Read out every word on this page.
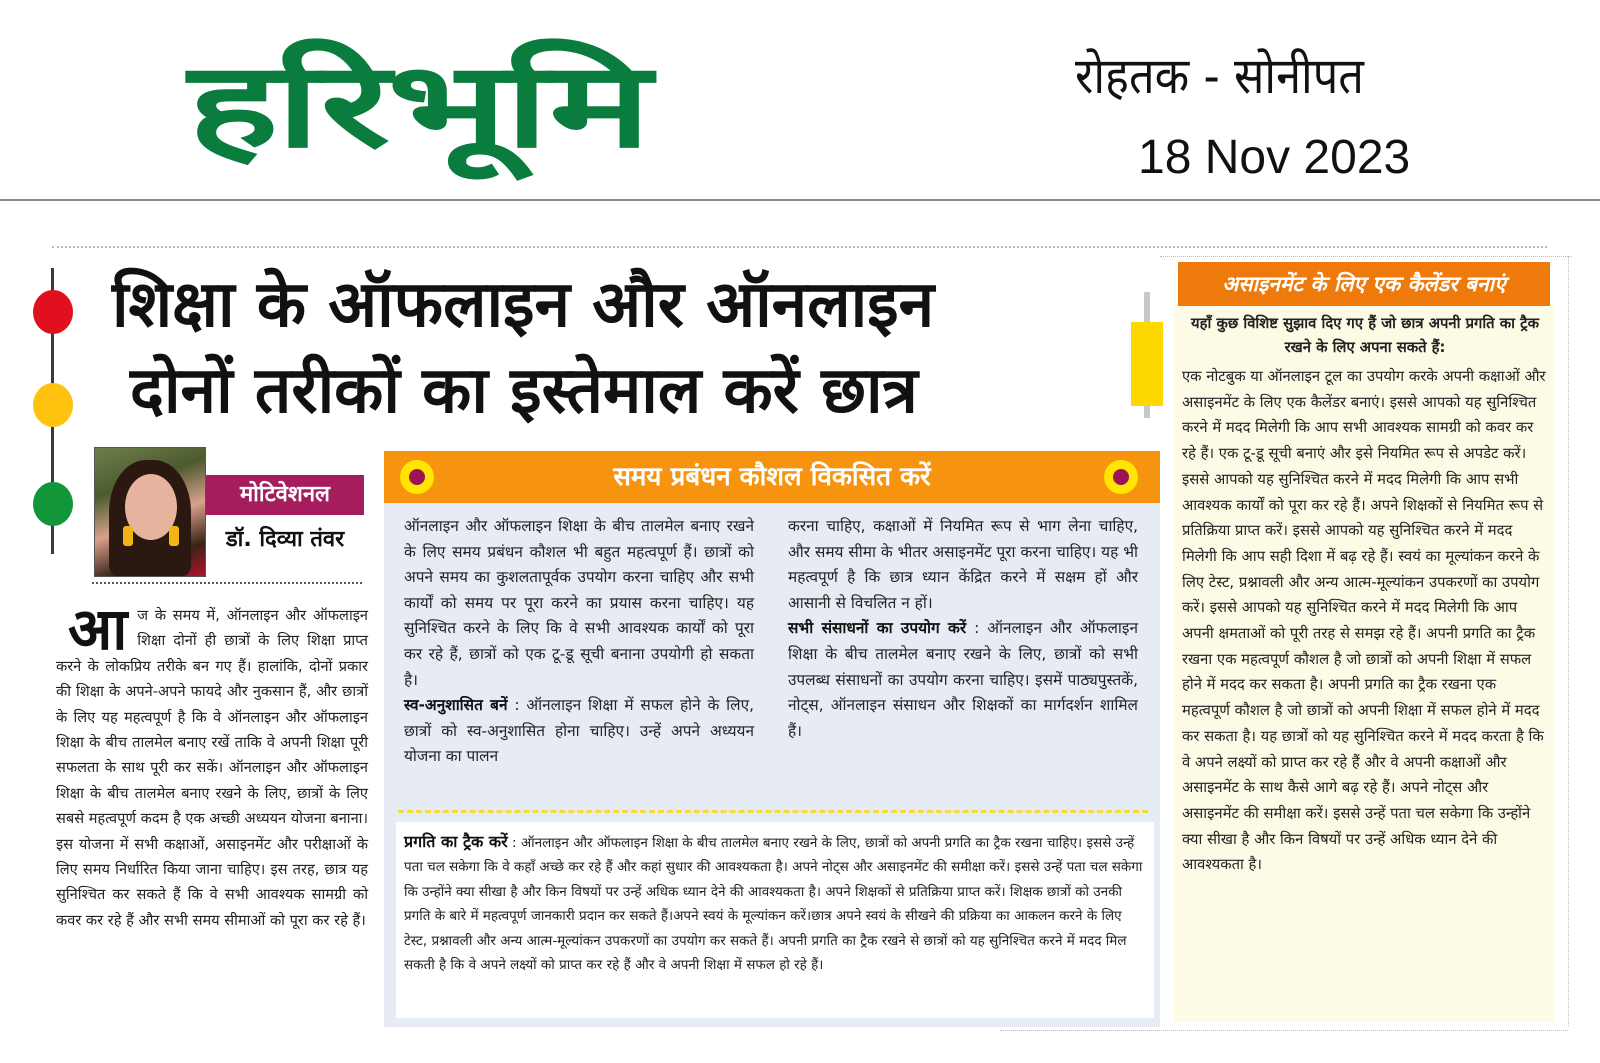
हरिभूमि	रोहतक - सोनीपत
18 Nov 2023
शिक्षा के ऑफलाइन और ऑनलाइन
दोनों तरीकों का इस्तेमाल करें छात्र
मोटिवेशनल
डॉ. दिव्या तंवर
आ ज के समय में, ऑनलाइन और ऑफलाइन शिक्षा दोनों ही छात्रों के लिए शिक्षा प्राप्त करने के लोकप्रिय तरीके बन गए हैं। हालांकि, दोनों प्रकार की शिक्षा के अपने-अपने फायदे और नुकसान हैं, और छात्रों के लिए यह महत्वपूर्ण है कि वे ऑनलाइन और ऑफलाइन शिक्षा के बीच तालमेल बनाए रखें ताकि वे अपनी शिक्षा पूरी सफलता के साथ पूरी कर सकें। ऑनलाइन और ऑफलाइन शिक्षा के बीच तालमेल बनाए रखने के लिए, छात्रों के लिए सबसे महत्वपूर्ण कदम है एक अच्छी अध्ययन योजना बनाना। इस योजना में सभी कक्षाओं, असाइनमेंट और परीक्षाओं के लिए समय निर्धारित किया जाना चाहिए। इस तरह, छात्र यह सुनिश्चित कर सकते हैं कि वे सभी आवश्यक सामग्री को कवर कर रहे हैं और सभी समय सीमाओं को पूरा कर रहे हैं।
समय प्रबंधन कौशल विकसित करें
ऑनलाइन और ऑफलाइन शिक्षा के बीच तालमेल बनाए रखने के लिए समय प्रबंधन कौशल भी बहुत महत्वपूर्ण हैं। छात्रों को अपने समय का कुशलतापूर्वक उपयोग करना चाहिए और सभी कार्यों को समय पर पूरा करने का प्रयास करना चाहिए। यह सुनिश्चित करने के लिए कि वे सभी आवश्यक कार्यों को पूरा कर रहे हैं, छात्रों को एक टू-डू सूची बनाना उपयोगी हो सकता है।
स्व-अनुशासित बनें : ऑनलाइन शिक्षा में सफल होने के लिए, छात्रों को स्व-अनुशासित होना चाहिए। उन्हें अपने अध्ययन योजना का पालन
करना चाहिए, कक्षाओं में नियमित रूप से भाग लेना चाहिए, और समय सीमा के भीतर असाइनमेंट पूरा करना चाहिए। यह भी महत्वपूर्ण है कि छात्र ध्यान केंद्रित करने में सक्षम हों और आसानी से विचलित न हों।
सभी संसाधनों का उपयोग करें : ऑनलाइन और ऑफलाइन शिक्षा के बीच तालमेल बनाए रखने के लिए, छात्रों को सभी उपलब्ध संसाधनों का उपयोग करना चाहिए। इसमें पाठ्यपुस्तकें, नोट्स, ऑनलाइन संसाधन और शिक्षकों का मार्गदर्शन शामिल हैं।
प्रगति का ट्रैक करें : ऑनलाइन और ऑफलाइन शिक्षा के बीच तालमेल बनाए रखने के लिए, छात्रों को अपनी प्रगति का ट्रैक रखना चाहिए। इससे उन्हें पता चल सकेगा कि वे कहाँ अच्छे कर रहे हैं और कहां सुधार की आवश्यकता है। अपने नोट्स और असाइनमेंट की समीक्षा करें। इससे उन्हें पता चल सकेगा कि उन्होंने क्या सीखा है और किन विषयों पर उन्हें अधिक ध्यान देने की आवश्यकता है। अपने शिक्षकों से प्रतिक्रिया प्राप्त करें। शिक्षक छात्रों को उनकी प्रगति के बारे में महत्वपूर्ण जानकारी प्रदान कर सकते हैं।अपने स्वयं के मूल्यांकन करें।छात्र अपने स्वयं के सीखने की प्रक्रिया का आकलन करने के लिए टेस्ट, प्रश्नावली और अन्य आत्म-मूल्यांकन उपकरणों का उपयोग कर सकते हैं। अपनी प्रगति का ट्रैक रखने से छात्रों को यह सुनिश्चित करने में मदद मिल सकती है कि वे अपने लक्ष्यों को प्राप्त कर रहे हैं और वे अपनी शिक्षा में सफल हो रहे हैं।
असाइनमेंट के लिए एक कैलेंडर बनाएं
यहाँ कुछ विशिष्ट सुझाव दिए गए हैं जो छात्र अपनी प्रगति का ट्रैक रखने के लिए अपना सकते हैं:
एक नोटबुक या ऑनलाइन टूल का उपयोग करके अपनी कक्षाओं और असाइनमेंट के लिए एक कैलेंडर बनाएं। इससे आपको यह सुनिश्चित करने में मदद मिलेगी कि आप सभी आवश्यक सामग्री को कवर कर रहे हैं। एक टू-डू सूची बनाएं और इसे नियमित रूप से अपडेट करें।इससे आपको यह सुनिश्चित करने में मदद मिलेगी कि आप सभी आवश्यक कार्यों को पूरा कर रहे हैं। अपने शिक्षकों से नियमित रूप से प्रतिक्रिया प्राप्त करें। इससे आपको यह सुनिश्चित करने में मदद मिलेगी कि आप सही दिशा में बढ़ रहे हैं। स्वयं का मूल्यांकन करने के लिए टेस्ट, प्रश्नावली और अन्य आत्म-मूल्यांकन उपकरणों का उपयोग करें। इससे आपको यह सुनिश्चित करने में मदद मिलेगी कि आप अपनी क्षमताओं को पूरी तरह से समझ रहे हैं। अपनी प्रगति का ट्रैक रखना एक महत्वपूर्ण कौशल है जो छात्रों को अपनी शिक्षा में सफल होने में मदद कर सकता है। अपनी प्रगति का ट्रैक रखना एक महत्वपूर्ण कौशल है जो छात्रों को अपनी शिक्षा में सफल होने में मदद कर सकता है। यह छात्रों को यह सुनिश्चित करने में मदद करता है कि वे अपने लक्ष्यों को प्राप्त कर रहे हैं और वे अपनी कक्षाओं और असाइनमेंट के साथ कैसे आगे बढ़ रहे हैं। अपने नोट्स और असाइनमेंट की समीक्षा करें। इससे उन्हें पता चल सकेगा कि उन्होंने क्या सीखा है और किन विषयों पर उन्हें अधिक ध्यान देने की आवश्यकता है।
